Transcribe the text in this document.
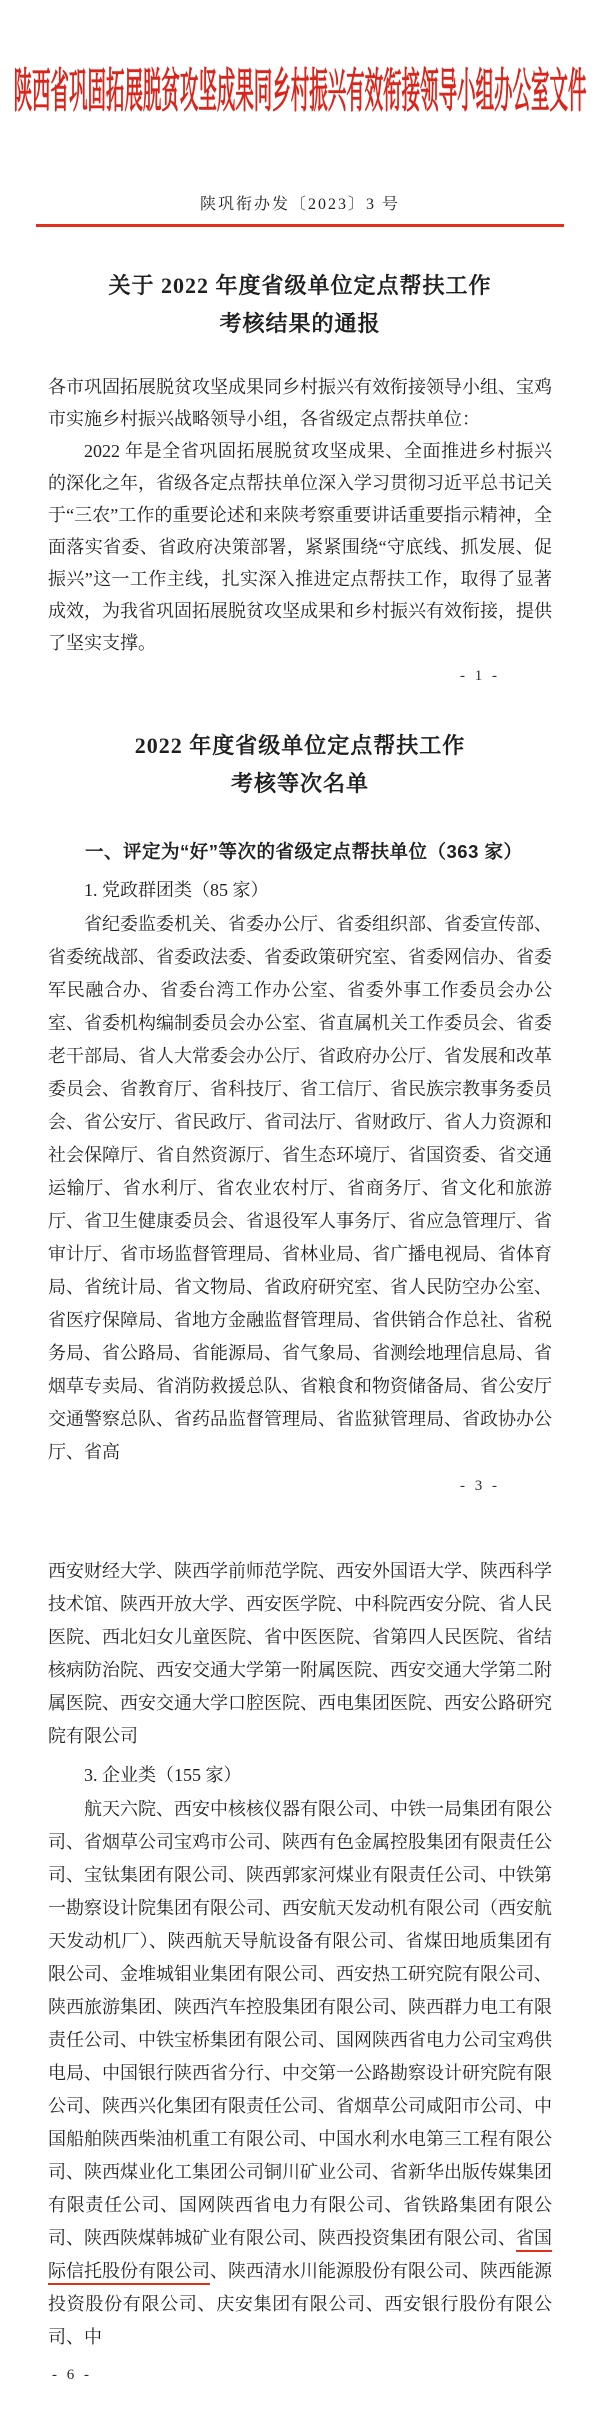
陕西省巩固拓展脱贫攻坚成果同乡村振兴有效衔接领导小组办公室文件
陕巩衔办发〔2023〕3 号
关于 2022 年度省级单位定点帮扶工作
考核结果的通报

各市巩固拓展脱贫攻坚成果同乡村振兴有效衔接领导小组、宝鸡市实施乡村振兴战略领导小组，各省级定点帮扶单位：

2022 年是全省巩固拓展脱贫攻坚成果、全面推进乡村振兴的深化之年，省级各定点帮扶单位深入学习贯彻习近平总书记关于“三农”工作的重要论述和来陕考察重要讲话重要指示精神，全面落实省委、省政府决策部署，紧紧围绕“守底线、抓发展、促振兴”这一工作主线，扎实深入推进定点帮扶工作，取得了显著成效，为我省巩固拓展脱贫攻坚成果和乡村振兴有效衔接，提供了坚实支撑。

- 1 -
2022 年度省级单位定点帮扶工作
考核等次名单

一、评定为“好”等次的省级定点帮扶单位（363 家）

1. 党政群团类（85 家）

省纪委监委机关、省委办公厅、省委组织部、省委宣传部、省委统战部、省委政法委、省委政策研究室、省委网信办、省委军民融合办、省委台湾工作办公室、省委外事工作委员会办公室、省委机构编制委员会办公室、省直属机关工作委员会、省委老干部局、省人大常委会办公厅、省政府办公厅、省发展和改革委员会、省教育厅、省科技厅、省工信厅、省民族宗教事务委员会、省公安厅、省民政厅、省司法厅、省财政厅、省人力资源和社会保障厅、省自然资源厅、省生态环境厅、省国资委、省交通运输厅、省水利厅、省农业农村厅、省商务厅、省文化和旅游厅、省卫生健康委员会、省退役军人事务厅、省应急管理厅、省审计厅、省市场监督管理局、省林业局、省广播电视局、省体育局、省统计局、省文物局、省政府研究室、省人民防空办公室、省医疗保障局、省地方金融监督管理局、省供销合作总社、省税务局、省公路局、省能源局、省气象局、省测绘地理信息局、省烟草专卖局、省消防救援总队、省粮食和物资储备局、省公安厅交通警察总队、省药品监督管理局、省监狱管理局、省政协办公厅、省高

- 3 -

西安财经大学、陕西学前师范学院、西安外国语大学、陕西科学技术馆、陕西开放大学、西安医学院、中科院西安分院、省人民医院、西北妇女儿童医院、省中医医院、省第四人民医院、省结核病防治院、西安交通大学第一附属医院、西安交通大学第二附属医院、西安交通大学口腔医院、西电集团医院、西安公路研究院有限公司

3. 企业类（155 家）

航天六院、西安中核核仪器有限公司、中铁一局集团有限公司、省烟草公司宝鸡市公司、陕西有色金属控股集团有限责任公司、宝钛集团有限公司、陕西郭家河煤业有限责任公司、中铁第一勘察设计院集团有限公司、西安航天发动机有限公司（西安航天发动机厂）、陕西航天导航设备有限公司、省煤田地质集团有限公司、金堆城钼业集团有限公司、西安热工研究院有限公司、陕西旅游集团、陕西汽车控股集团有限公司、陕西群力电工有限责任公司、中铁宝桥集团有限公司、国网陕西省电力公司宝鸡供电局、中国银行陕西省分行、中交第一公路勘察设计研究院有限公司、陕西兴化集团有限责任公司、省烟草公司咸阳市公司、中国船舶陕西柴油机重工有限公司、中国水利水电第三工程有限公司、陕西煤业化工集团公司铜川矿业公司、省新华出版传媒集团有限责任公司、国网陕西省电力有限公司、省铁路集团有限公司、陕西陕煤韩城矿业有限公司、陕西投资集团有限公司、省国际信托股份有限公司、陕西清水川能源股份有限公司、陕西能源投资股份有限公司、庆安集团有限公司、西安银行股份有限公司、中

- 6 -
